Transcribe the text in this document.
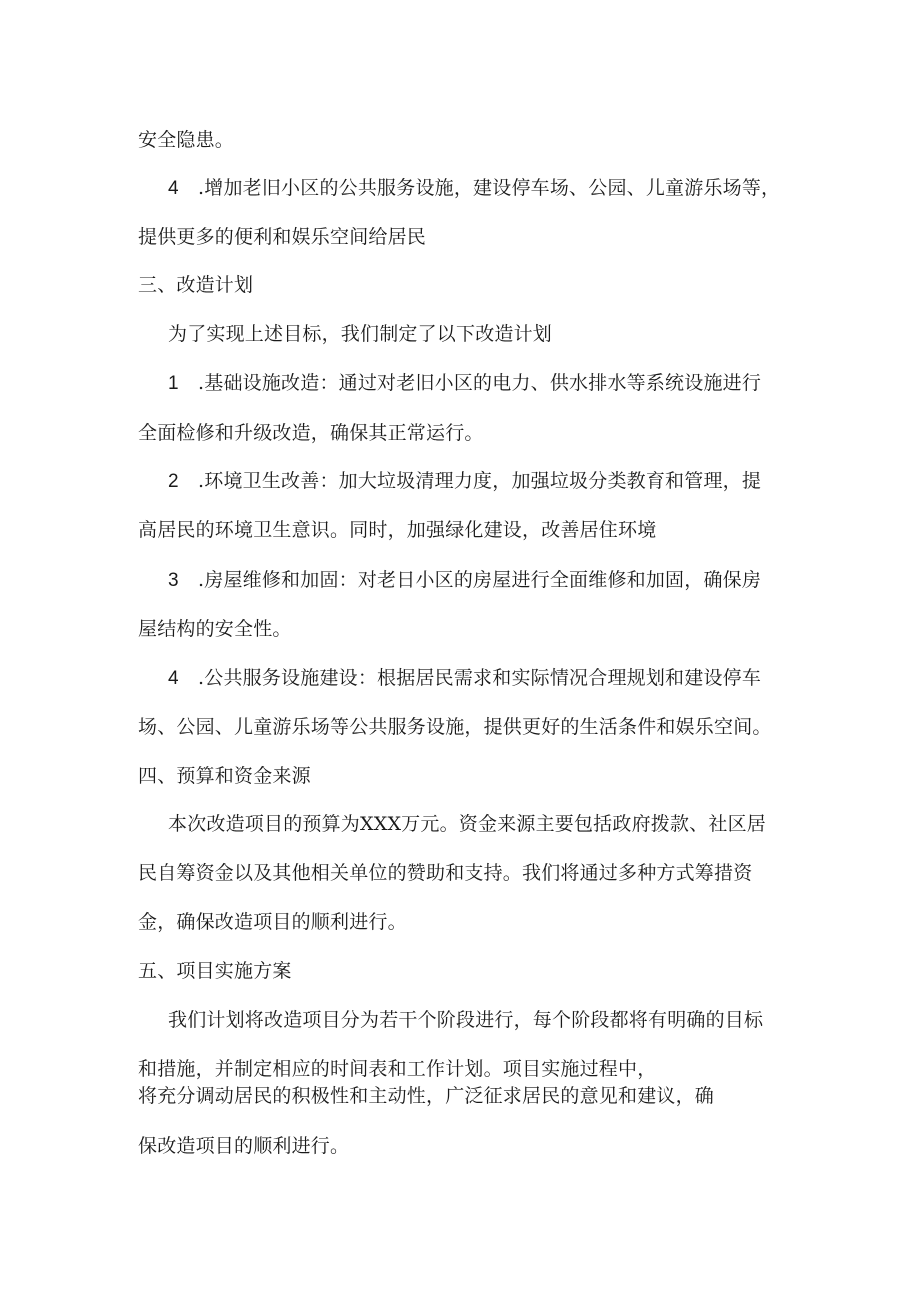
安全隐患。
4 .增加老旧小区的公共服务设施，建设停车场、公园、儿童游乐场等，
提供更多的便利和娱乐空间给居民
三、改造计划
为了实现上述目标，我们制定了以下改造计划
1 .基础设施改造：通过对老旧小区的电力、供水排水等系统设施进行
全面检修和升级改造，确保其正常运行。
2 .环境卫生改善：加大垃圾清理力度，加强垃圾分类教育和管理，提
高居民的环境卫生意识。同时，加强绿化建设，改善居住环境
3 .房屋维修和加固：对老日小区的房屋进行全面维修和加固，确保房
屋结构的安全性。
4 .公共服务设施建设：根据居民需求和实际情况合理规划和建设停车
场、公园、儿童游乐场等公共服务设施，提供更好的生活条件和娱乐空间。
四、预算和资金来源
本次改造项目的预算为XXX万元。资金来源主要包括政府拨款、社区居
民自筹资金以及其他相关单位的赞助和支持。我们将通过多种方式筹措资
金，确保改造项目的顺利进行。
五、项目实施方案
我们计划将改造项目分为若干个阶段进行，每个阶段都将有明确的目标
和措施，并制定相应的时间表和工作计划。项目实施过程中，
将充分调动居民的积极性和主动性，广泛征求居民的意见和建议，确
保改造项目的顺利进行。
